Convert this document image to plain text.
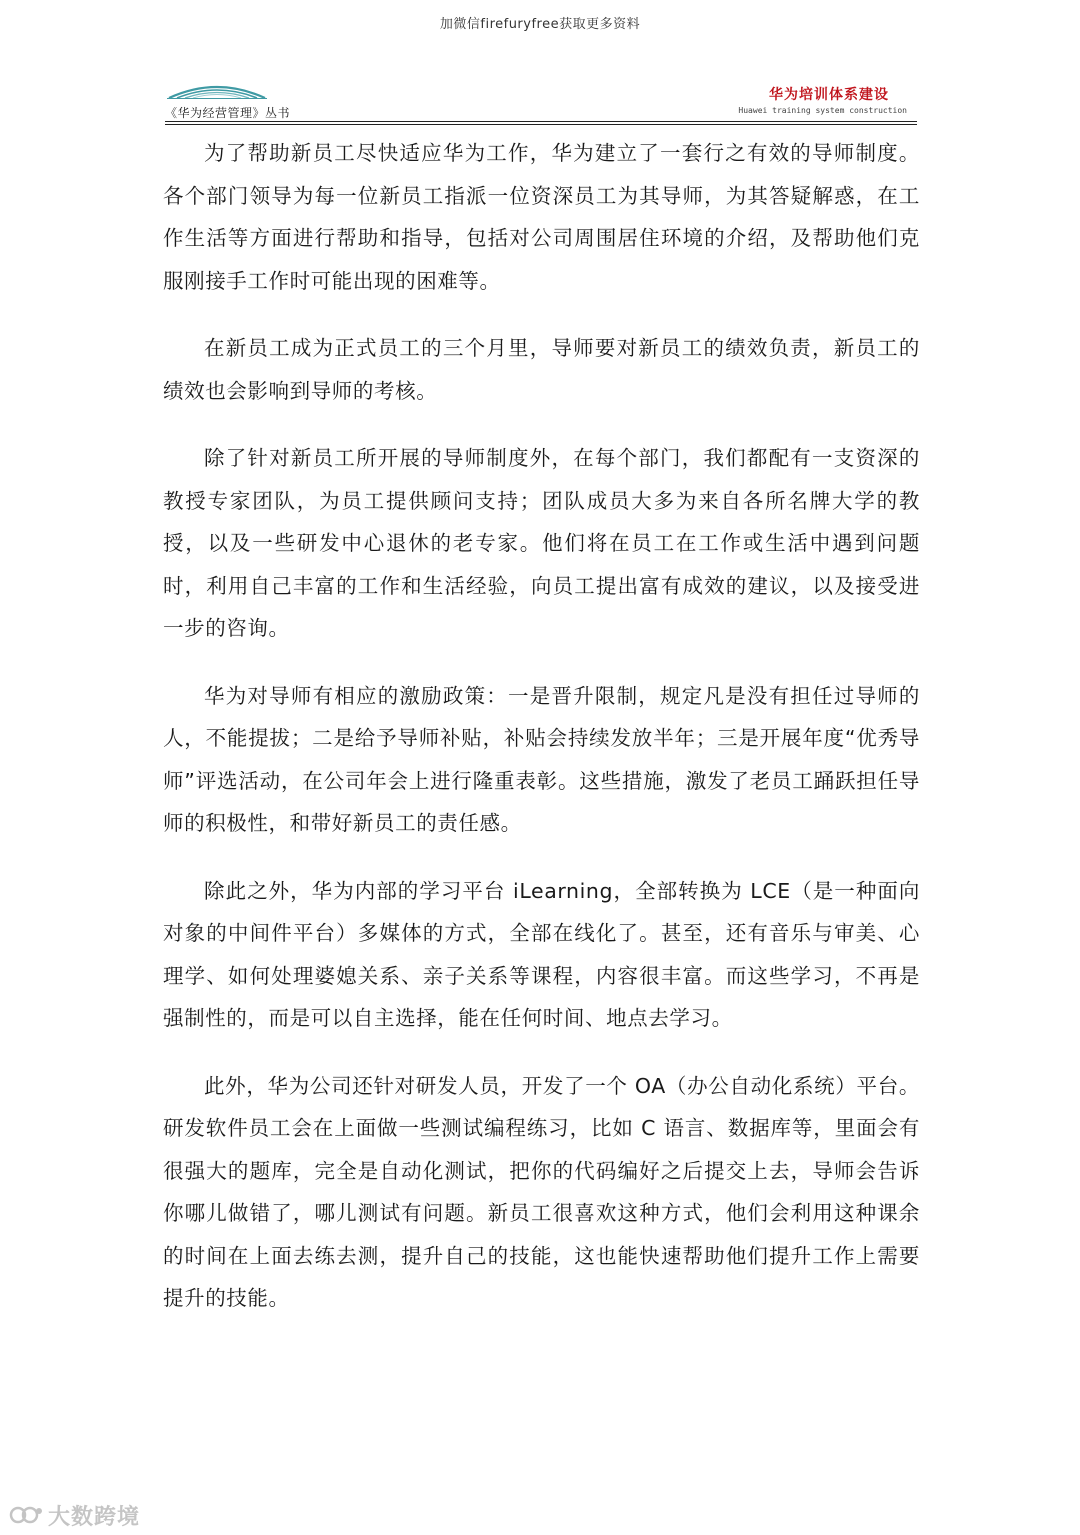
加微信firefuryfree获取更多资料
《华为经营管理》丛书
华为培训体系建设
Huawei training system construction

为了帮助新员工尽快适应华为工作，华为建立了一套行之有效的导师制度。各个部门领导为每一位新员工指派一位资深员工为其导师，为其答疑解惑，在工作生活等方面进行帮助和指导，包括对公司周围居住环境的介绍，及帮助他们克服刚接手工作时可能出现的困难等。

在新员工成为正式员工的三个月里，导师要对新员工的绩效负责，新员工的绩效也会影响到导师的考核。

除了针对新员工所开展的导师制度外，在每个部门，我们都配有一支资深的教授专家团队，为员工提供顾问支持；团队成员大多为来自各所名牌大学的教授，以及一些研发中心退休的老专家。他们将在员工在工作或生活中遇到问题时，利用自己丰富的工作和生活经验，向员工提出富有成效的建议，以及接受进一步的咨询。

华为对导师有相应的激励政策：一是晋升限制，规定凡是没有担任过导师的人，不能提拔；二是给予导师补贴，补贴会持续发放半年；三是开展年度“优秀导师”评选活动，在公司年会上进行隆重表彰。这些措施，激发了老员工踊跃担任导师的积极性，和带好新员工的责任感。

除此之外，华为内部的学习平台 iLearning，全部转换为 LCE（是一种面向对象的中间件平台）多媒体的方式，全部在线化了。甚至，还有音乐与审美、心理学、如何处理婆媳关系、亲子关系等课程，内容很丰富。而这些学习，不再是强制性的，而是可以自主选择，能在任何时间、地点去学习。

此外，华为公司还针对研发人员，开发了一个 OA（办公自动化系统）平台。研发软件员工会在上面做一些测试编程练习，比如 C 语言、数据库等，里面会有很强大的题库，完全是自动化测试，把你的代码编好之后提交上去，导师会告诉你哪儿做错了，哪儿测试有问题。新员工很喜欢这种方式，他们会利用这种课余的时间在上面去练去测，提升自己的技能，这也能快速帮助他们提升工作上需要提升的技能。

大数跨境
